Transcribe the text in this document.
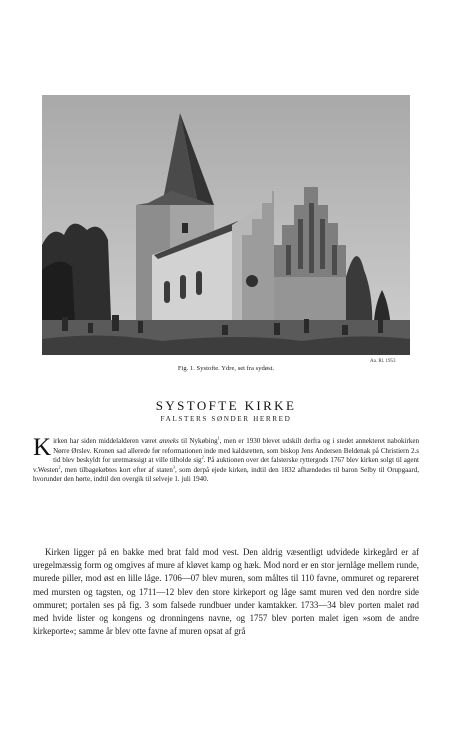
Aa. Rl. 1953
Fig. 1. Systofte. Ydre, set fra sydøst.
SYSTOFTE KIRKE
FALSTERS SØNDER HERRED

Kirken har siden middelalderen været anneks til Nykøbing$^1$, men er 1930 blevet udskilt derfra og i stedet annekteret nabokirken Nørre Ørslev. Kronen sad allerede før reformationen inde med kaldsretten, som biskop Jens Andersen Beldenak på Christiern 2.s tid blev beskyldt for uretmæssigt at ville tilholde sig$^2$. På auktionen over det falsterske ryttergods 1767 blev kirken solgt til agent v.Westen$^2$, men tilbagekøbtes kort efter af staten$^3$, som derpå ejede kirken, indtil den 1832 afhændedes til baron Selby til Orupgaard, hvorunder den hørte, indtil den overgik til selveje 1. juli 1940.

Kirken ligger på en bakke med brat fald mod vest. Den aldrig væsentligt udvidede kirkegård er af uregelmæssig form og omgives af mure af kløvet kamp og hæk. Mod nord er en stor jernlåge mellem runde, murede piller, mod øst en lille låge. 1706—07 blev muren, som måltes til 110 favne, ommuret og repareret med mursten og tagsten, og 1711—12 blev den store kirkeport og låge samt muren ved den nordre side ommuret; portalen ses på fig. 3 som falsede rundbuer under kamtakker. 1733—34 blev porten malet rød med hvide lister og kongens og dronningens navne, og 1757 blev porten malet igen »som de andre kirkeporte«; samme år blev otte favne af muren opsat af grå
